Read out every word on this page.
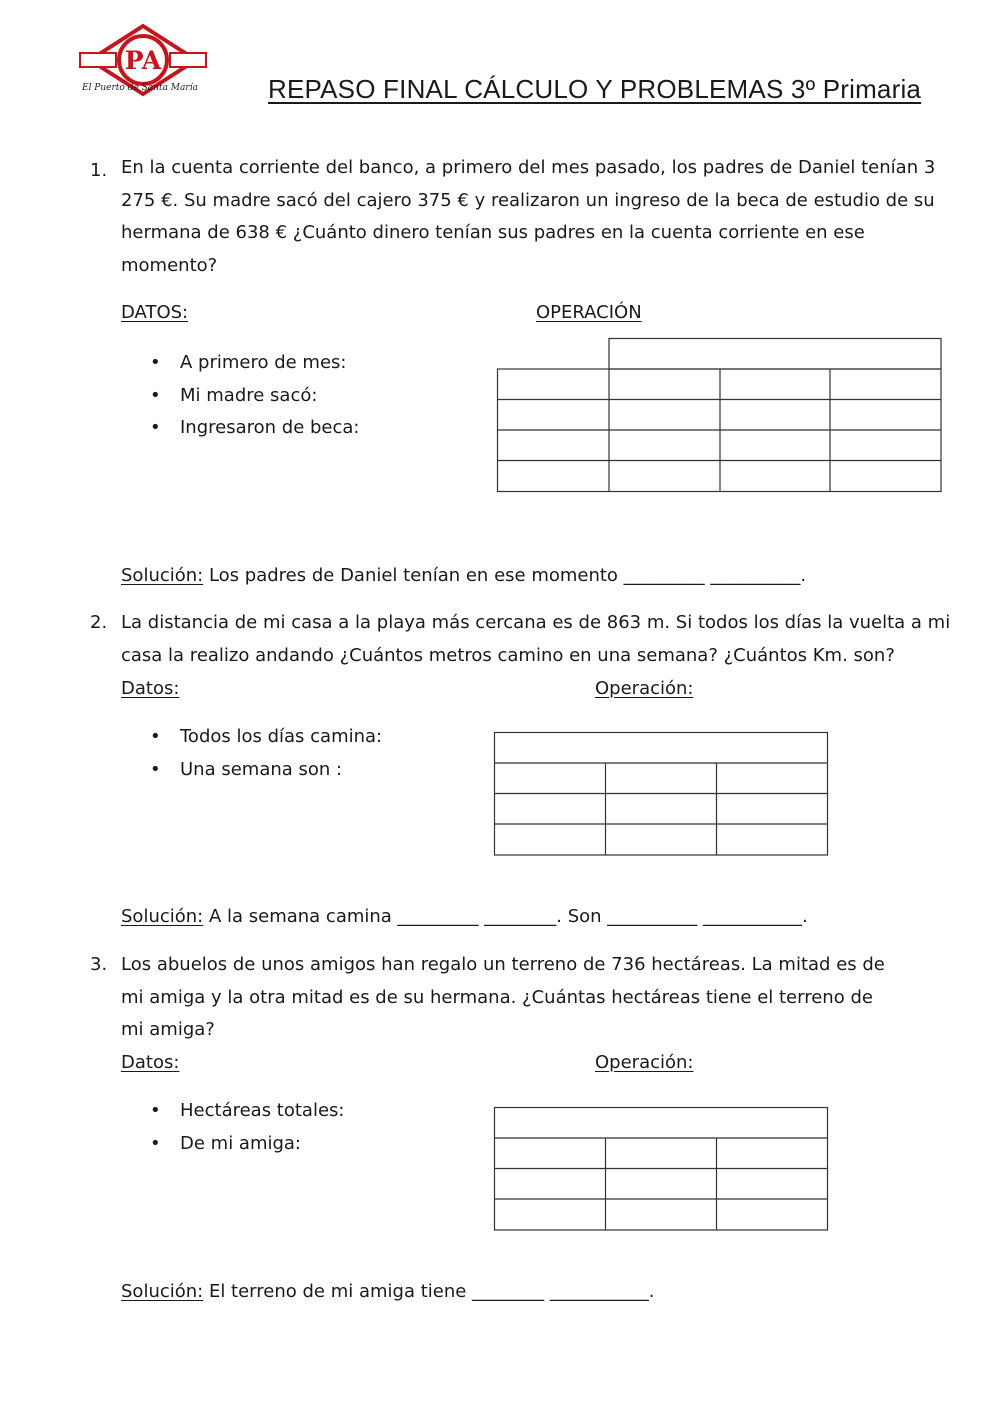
PA
El Puerto de Santa María	REPASO FINAL CÁLCULO Y PROBLEMAS 3º Primaria
1. En la cuenta corriente del banco, a primero del mes pasado, los padres de Daniel tenían 3 275 €. Su madre sacó del cajero 375 € y realizaron un ingreso de la beca de estudio de su hermana de 638 € ¿Cuánto dinero tenían sus padres en la cuenta corriente en ese momento?
DATOS:	OPERACIÓN
• A primero de mes:
• Mi madre sacó:
• Ingresaron de beca:
Solución: Los padres de Daniel tenían en ese momento _________ __________.
2. La distancia de mi casa a la playa más cercana es de 863 m. Si todos los días la vuelta a mi casa la realizo andando ¿Cuántos metros camino en una semana? ¿Cuántos Km. son?
Datos:	Operación:
• Todos los días camina:
• Una semana son :
Solución: A la semana camina _________ ________. Son __________ ___________.
3. Los abuelos de unos amigos han regalo un terreno de 736 hectáreas. La mitad es de mi amiga y la otra mitad es de su hermana. ¿Cuántas hectáreas tiene el terreno de mi amiga?
Datos:	Operación:
• Hectáreas totales:
• De mi amiga:
Solución: El terreno de mi amiga tiene ________ ___________.
